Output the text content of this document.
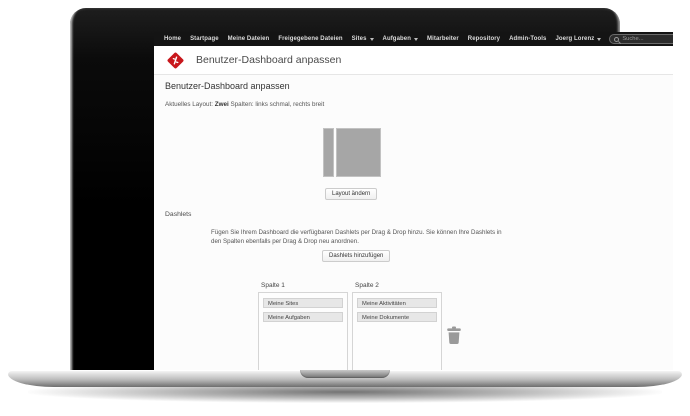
Home Startpage Meine Dateien Freigegebene Dateien Sites	Aufgaben	Mitarbeiter Repository Admin-Tools Joerg Lorenz	Suche...
Benutzer-Dashboard anpassen
Benutzer-Dashboard anpassen

Aktuelles Layout: Zwei Spalten: links schmal, rechts breit

Layout ändern
Dashlets

Fügen Sie Ihrem Dashboard die verfügbaren Dashlets per Drag & Drop hinzu. Sie können Ihre Dashlets in den Spalten ebenfalls per Drag & Drop neu anordnen.

Dashlets hinzufügen
Spalte 1
Meine Sites
Meine Aufgaben
Spalte 2
Meine Aktivitäten
Meine Dokumente
